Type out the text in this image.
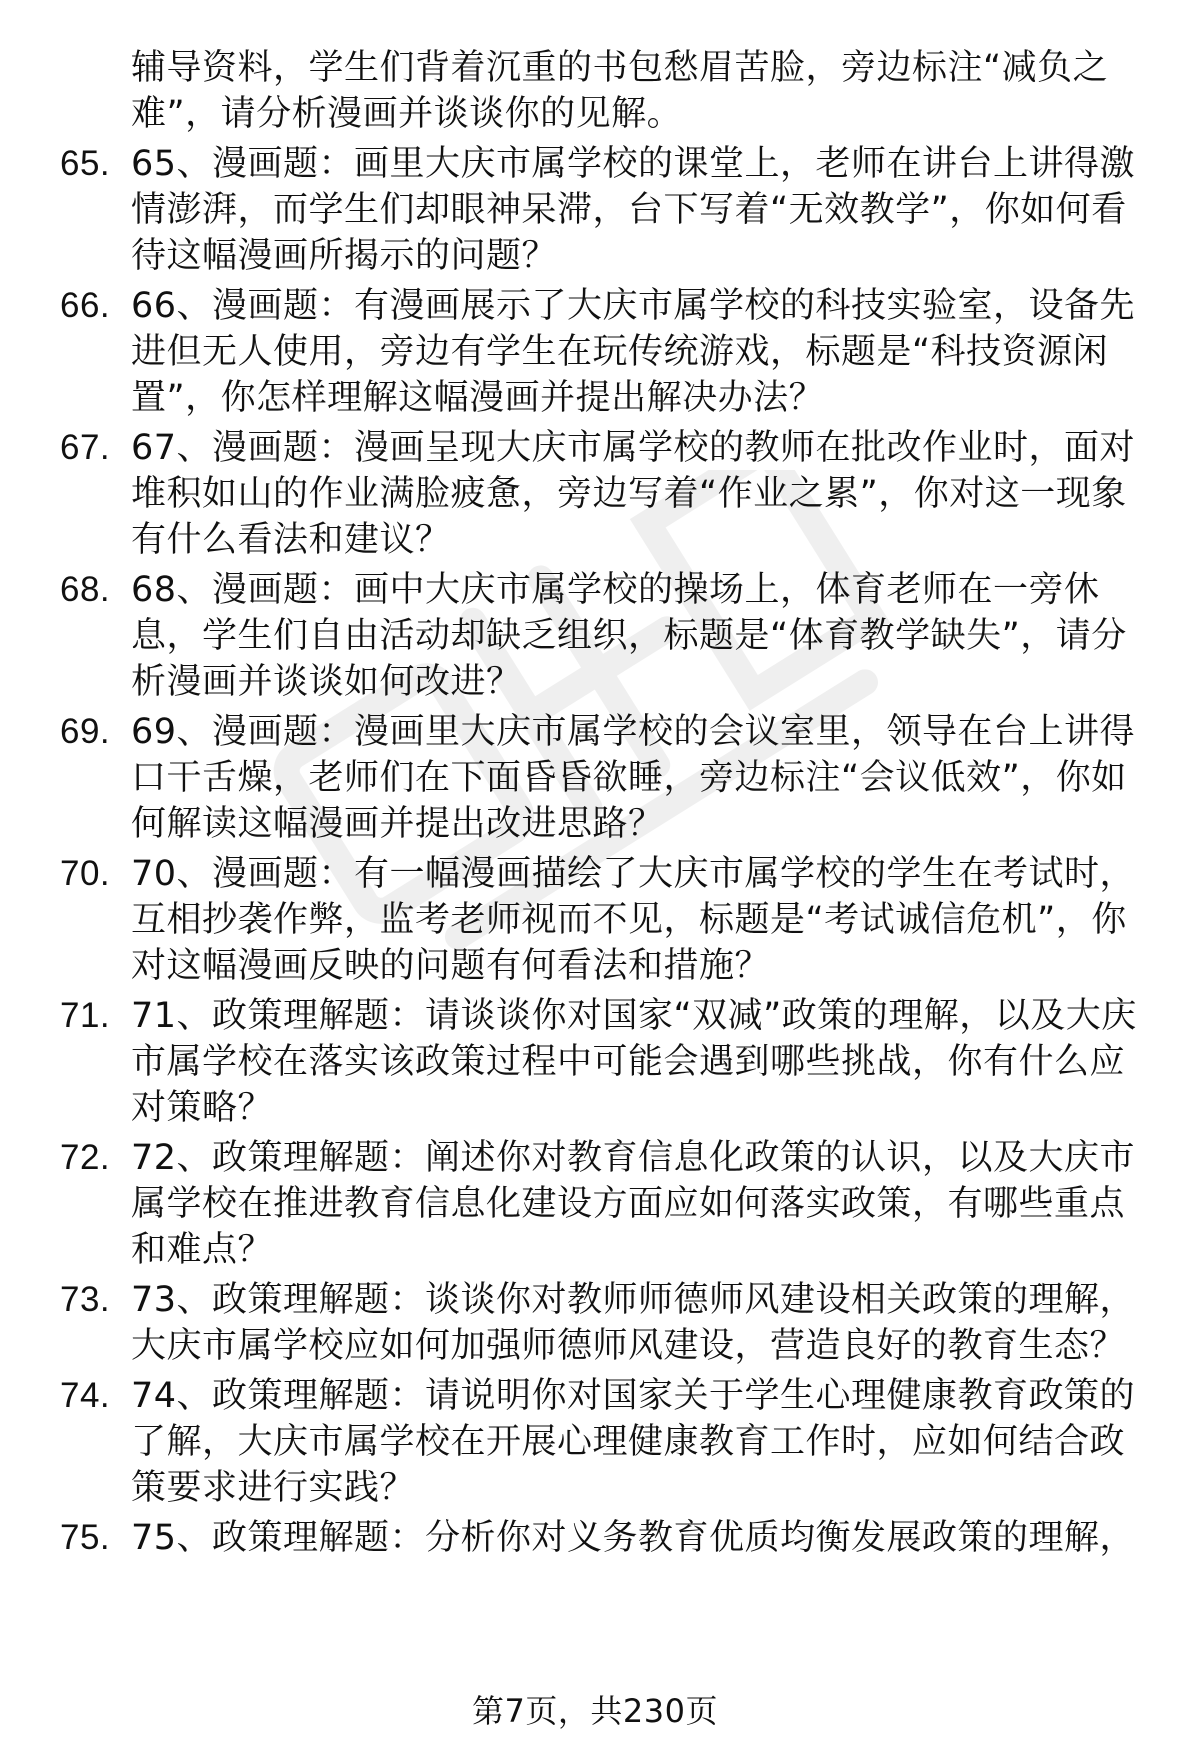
辅导资料，学生们背着沉重的书包愁眉苦脸，旁边标注“减负之
难”，请分析漫画并谈谈你的见解。
65. 65、漫画题：画里大庆市属学校的课堂上，老师在讲台上讲得激
情澎湃，而学生们却眼神呆滞，台下写着“无效教学”，你如何看
待这幅漫画所揭示的问题？
66. 66、漫画题：有漫画展示了大庆市属学校的科技实验室，设备先
进但无人使用，旁边有学生在玩传统游戏，标题是“科技资源闲
置”，你怎样理解这幅漫画并提出解决办法？
67. 67、漫画题：漫画呈现大庆市属学校的教师在批改作业时，面对
堆积如山的作业满脸疲惫，旁边写着“作业之累”，你对这一现象
有什么看法和建议？
68. 68、漫画题：画中大庆市属学校的操场上，体育老师在一旁休
息，学生们自由活动却缺乏组织，标题是“体育教学缺失”，请分
析漫画并谈谈如何改进？
69. 69、漫画题：漫画里大庆市属学校的会议室里，领导在台上讲得
口干舌燥，老师们在下面昏昏欲睡，旁边标注“会议低效”，你如
何解读这幅漫画并提出改进思路？
70. 70、漫画题：有一幅漫画描绘了大庆市属学校的学生在考试时，
互相抄袭作弊，监考老师视而不见，标题是“考试诚信危机”，你
对这幅漫画反映的问题有何看法和措施？
71. 71、政策理解题：请谈谈你对国家“双减”政策的理解，以及大庆
市属学校在落实该政策过程中可能会遇到哪些挑战，你有什么应
对策略？
72. 72、政策理解题：阐述你对教育信息化政策的认识，以及大庆市
属学校在推进教育信息化建设方面应如何落实政策，有哪些重点
和难点？
73. 73、政策理解题：谈谈你对教师师德师风建设相关政策的理解，
大庆市属学校应如何加强师德师风建设，营造良好的教育生态？
74. 74、政策理解题：请说明你对国家关于学生心理健康教育政策的
了解，大庆市属学校在开展心理健康教育工作时，应如何结合政
策要求进行实践？
75. 75、政策理解题：分析你对义务教育优质均衡发展政策的理解，
第7页，共230页
